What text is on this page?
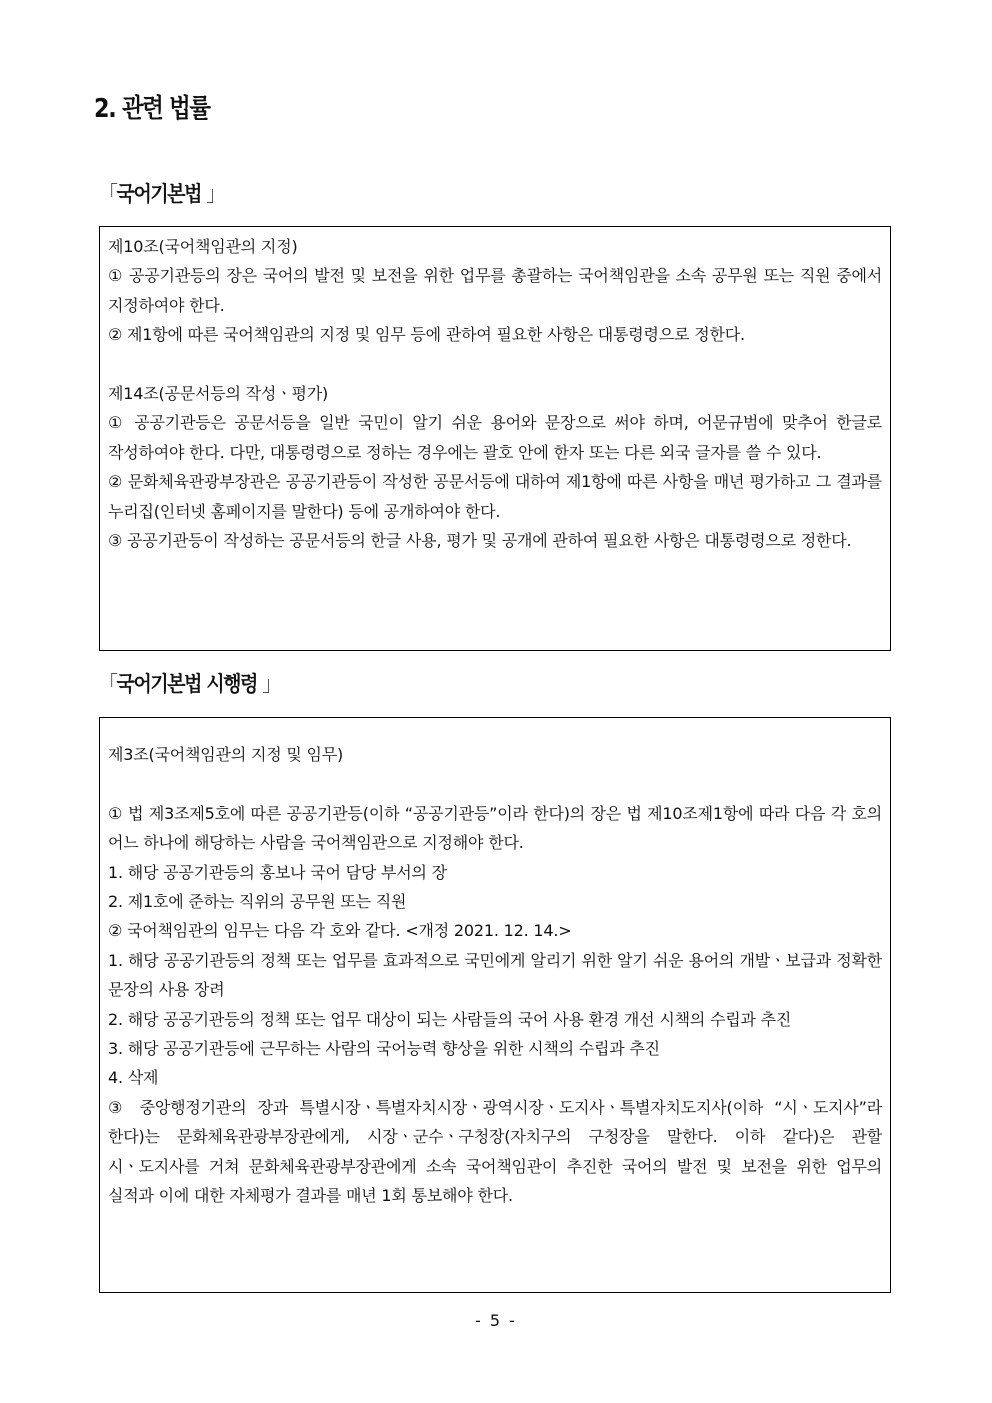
2. 관련 법률
「국어기본법 」

제10조(국어책임관의 지정)

① 공공기관등의 장은 국어의 발전 및 보전을 위한 업무를 총괄하는 국어책임관을 소속 공무원 또는 직원 중에서 지정하여야 한다.

② 제1항에 따른 국어책임관의 지정 및 임무 등에 관하여 필요한 사항은 대통령령으로 정한다.

제14조(공문서등의 작성ㆍ평가)

① 공공기관등은 공문서등을 일반 국민이 알기 쉬운 용어와 문장으로 써야 하며, 어문규범에 맞추어 한글로 작성하여야 한다. 다만, 대통령령으로 정하는 경우에는 괄호 안에 한자 또는 다른 외국 글자를 쓸 수 있다.

② 문화체육관광부장관은 공공기관등이 작성한 공문서등에 대하여 제1항에 따른 사항을 매년 평가하고 그 결과를 누리집(인터넷 홈페이지를 말한다) 등에 공개하여야 한다.

③ 공공기관등이 작성하는 공문서등의 한글 사용, 평가 및 공개에 관하여 필요한 사항은 대통령령으로 정한다.

「국어기본법 시행령 」

제3조(국어책임관의 지정 및 임무)

① 법 제3조제5호에 따른 공공기관등(이하 “공공기관등”이라 한다)의 장은 법 제10조제1항에 따라 다음 각 호의 어느 하나에 해당하는 사람을 국어책임관으로 지정해야 한다.

1. 해당 공공기관등의 홍보나 국어 담당 부서의 장

2. 제1호에 준하는 직위의 공무원 또는 직원

② 국어책임관의 임무는 다음 각 호와 같다. <개정 2021. 12. 14.>

1. 해당 공공기관등의 정책 또는 업무를 효과적으로 국민에게 알리기 위한 알기 쉬운 용어의 개발ㆍ보급과 정확한 문장의 사용 장려

2. 해당 공공기관등의 정책 또는 업무 대상이 되는 사람들의 국어 사용 환경 개선 시책의 수립과 추진

3. 해당 공공기관등에 근무하는 사람의 국어능력 향상을 위한 시책의 수립과 추진

4. 삭제

③ 중앙행정기관의 장과 특별시장ㆍ특별자치시장ㆍ광역시장ㆍ도지사ㆍ특별자치도지사(이하 “시ㆍ도지사”라 한다)는 문화체육관광부장관에게, 시장ㆍ군수ㆍ구청장(자치구의 구청장을 말한다. 이하 같다)은 관할 시ㆍ도지사를 거쳐 문화체육관광부장관에게 소속 국어책임관이 추진한 국어의 발전 및 보전을 위한 업무의 실적과 이에 대한 자체평가 결과를 매년 1회 통보해야 한다.

- 5 -
